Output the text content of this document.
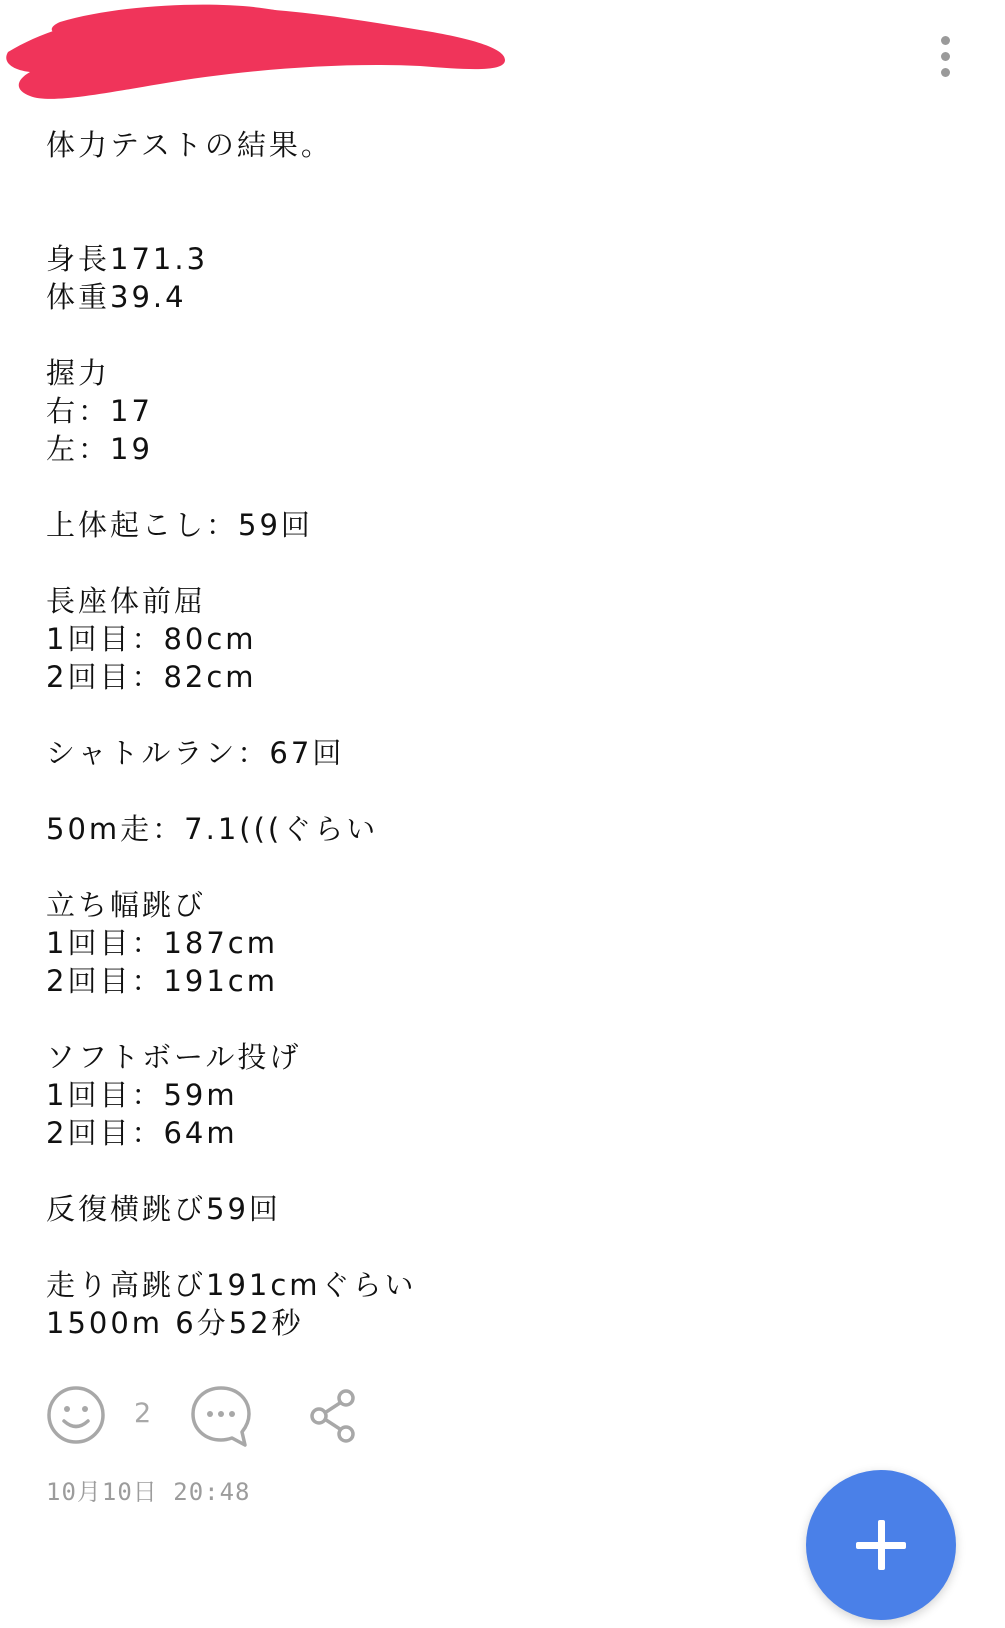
体力テストの結果。
身長171.3
体重39.4
握力
右：17
左：19
上体起こし：59回
長座体前屈
1回目：80cm
2回目：82cm
シャトルラン：67回
50m走：7.1(((ぐらい
立ち幅跳び
1回目：187cm
2回目：191cm
ソフトボール投げ
1回目：59m
2回目：64m
反復横跳び59回
走り高跳び191cmぐらい
1500m 6分52秒
2
10月10日 20:48
